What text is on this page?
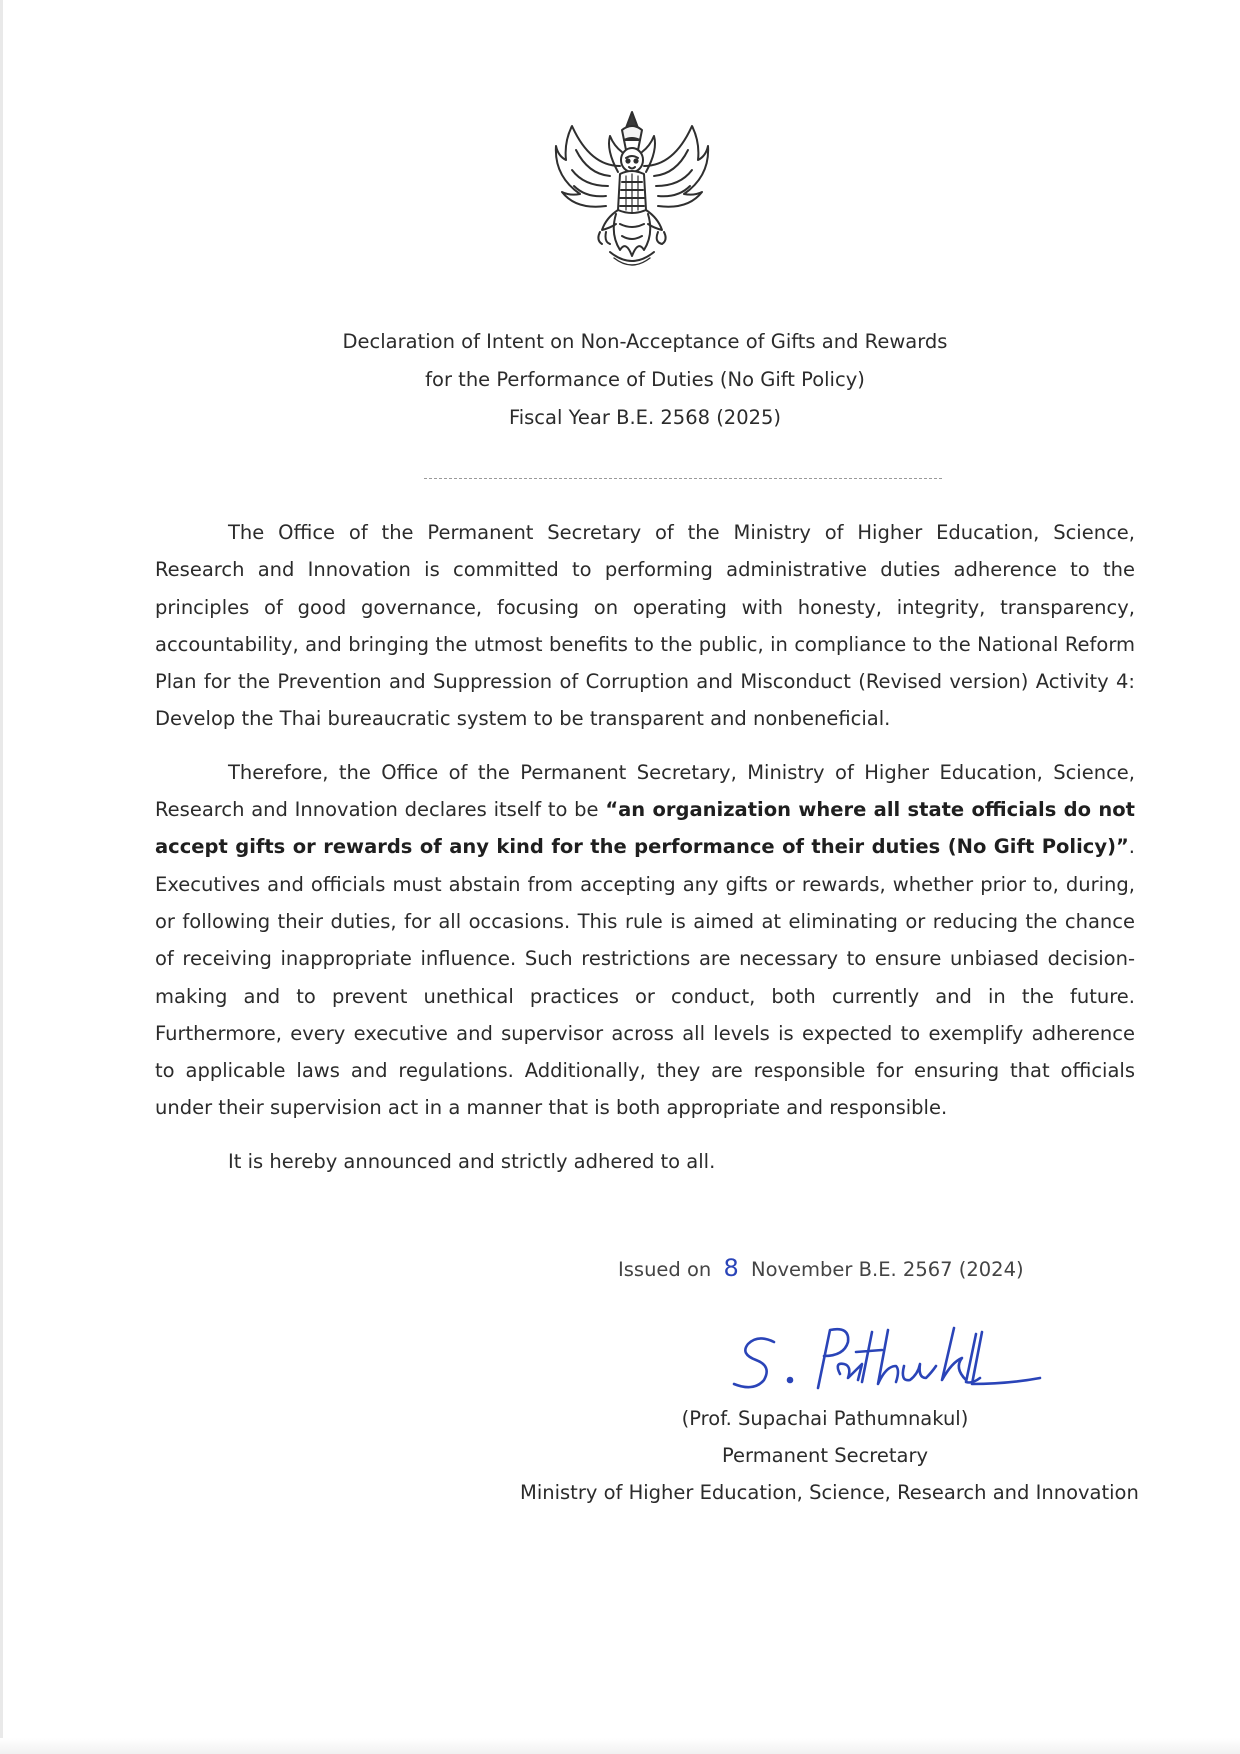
Declaration of Intent on Non-Acceptance of Gifts and Rewards
for the Performance of Duties (No Gift Policy)
Fiscal Year B.E. 2568 (2025)

The Office of the Permanent Secretary of the Ministry of Higher Education, Science, Research and Innovation is committed to performing administrative duties adherence to the principles of good governance, focusing on operating with honesty, integrity, transparency, accountability, and bringing the utmost benefits to the public, in compliance to the National Reform Plan for the Prevention and Suppression of Corruption and Misconduct (Revised version) Activity 4: Develop the Thai bureaucratic system to be transparent and nonbeneficial.

Therefore, the Office of the Permanent Secretary, Ministry of Higher Education, Science, Research and Innovation declares itself to be “an organization where all state officials do not accept gifts or rewards of any kind for the performance of their duties (No Gift Policy)”. Executives and officials must abstain from accepting any gifts or rewards, whether prior to, during, or following their duties, for all occasions. This rule is aimed at eliminating or reducing the chance of receiving inappropriate influence. Such restrictions are necessary to ensure unbiased decision-making and to prevent unethical practices or conduct, both currently and in the future. Furthermore, every executive and supervisor across all levels is expected to exemplify adherence to applicable laws and regulations. Additionally, they are responsible for ensuring that officials under their supervision act in a manner that is both appropriate and responsible.

It is hereby announced and strictly adhered to all.

Issued on 8 November B.E. 2567 (2024)
(Prof. Supachai Pathumnakul)
Permanent Secretary
Ministry of Higher Education, Science, Research and Innovation
